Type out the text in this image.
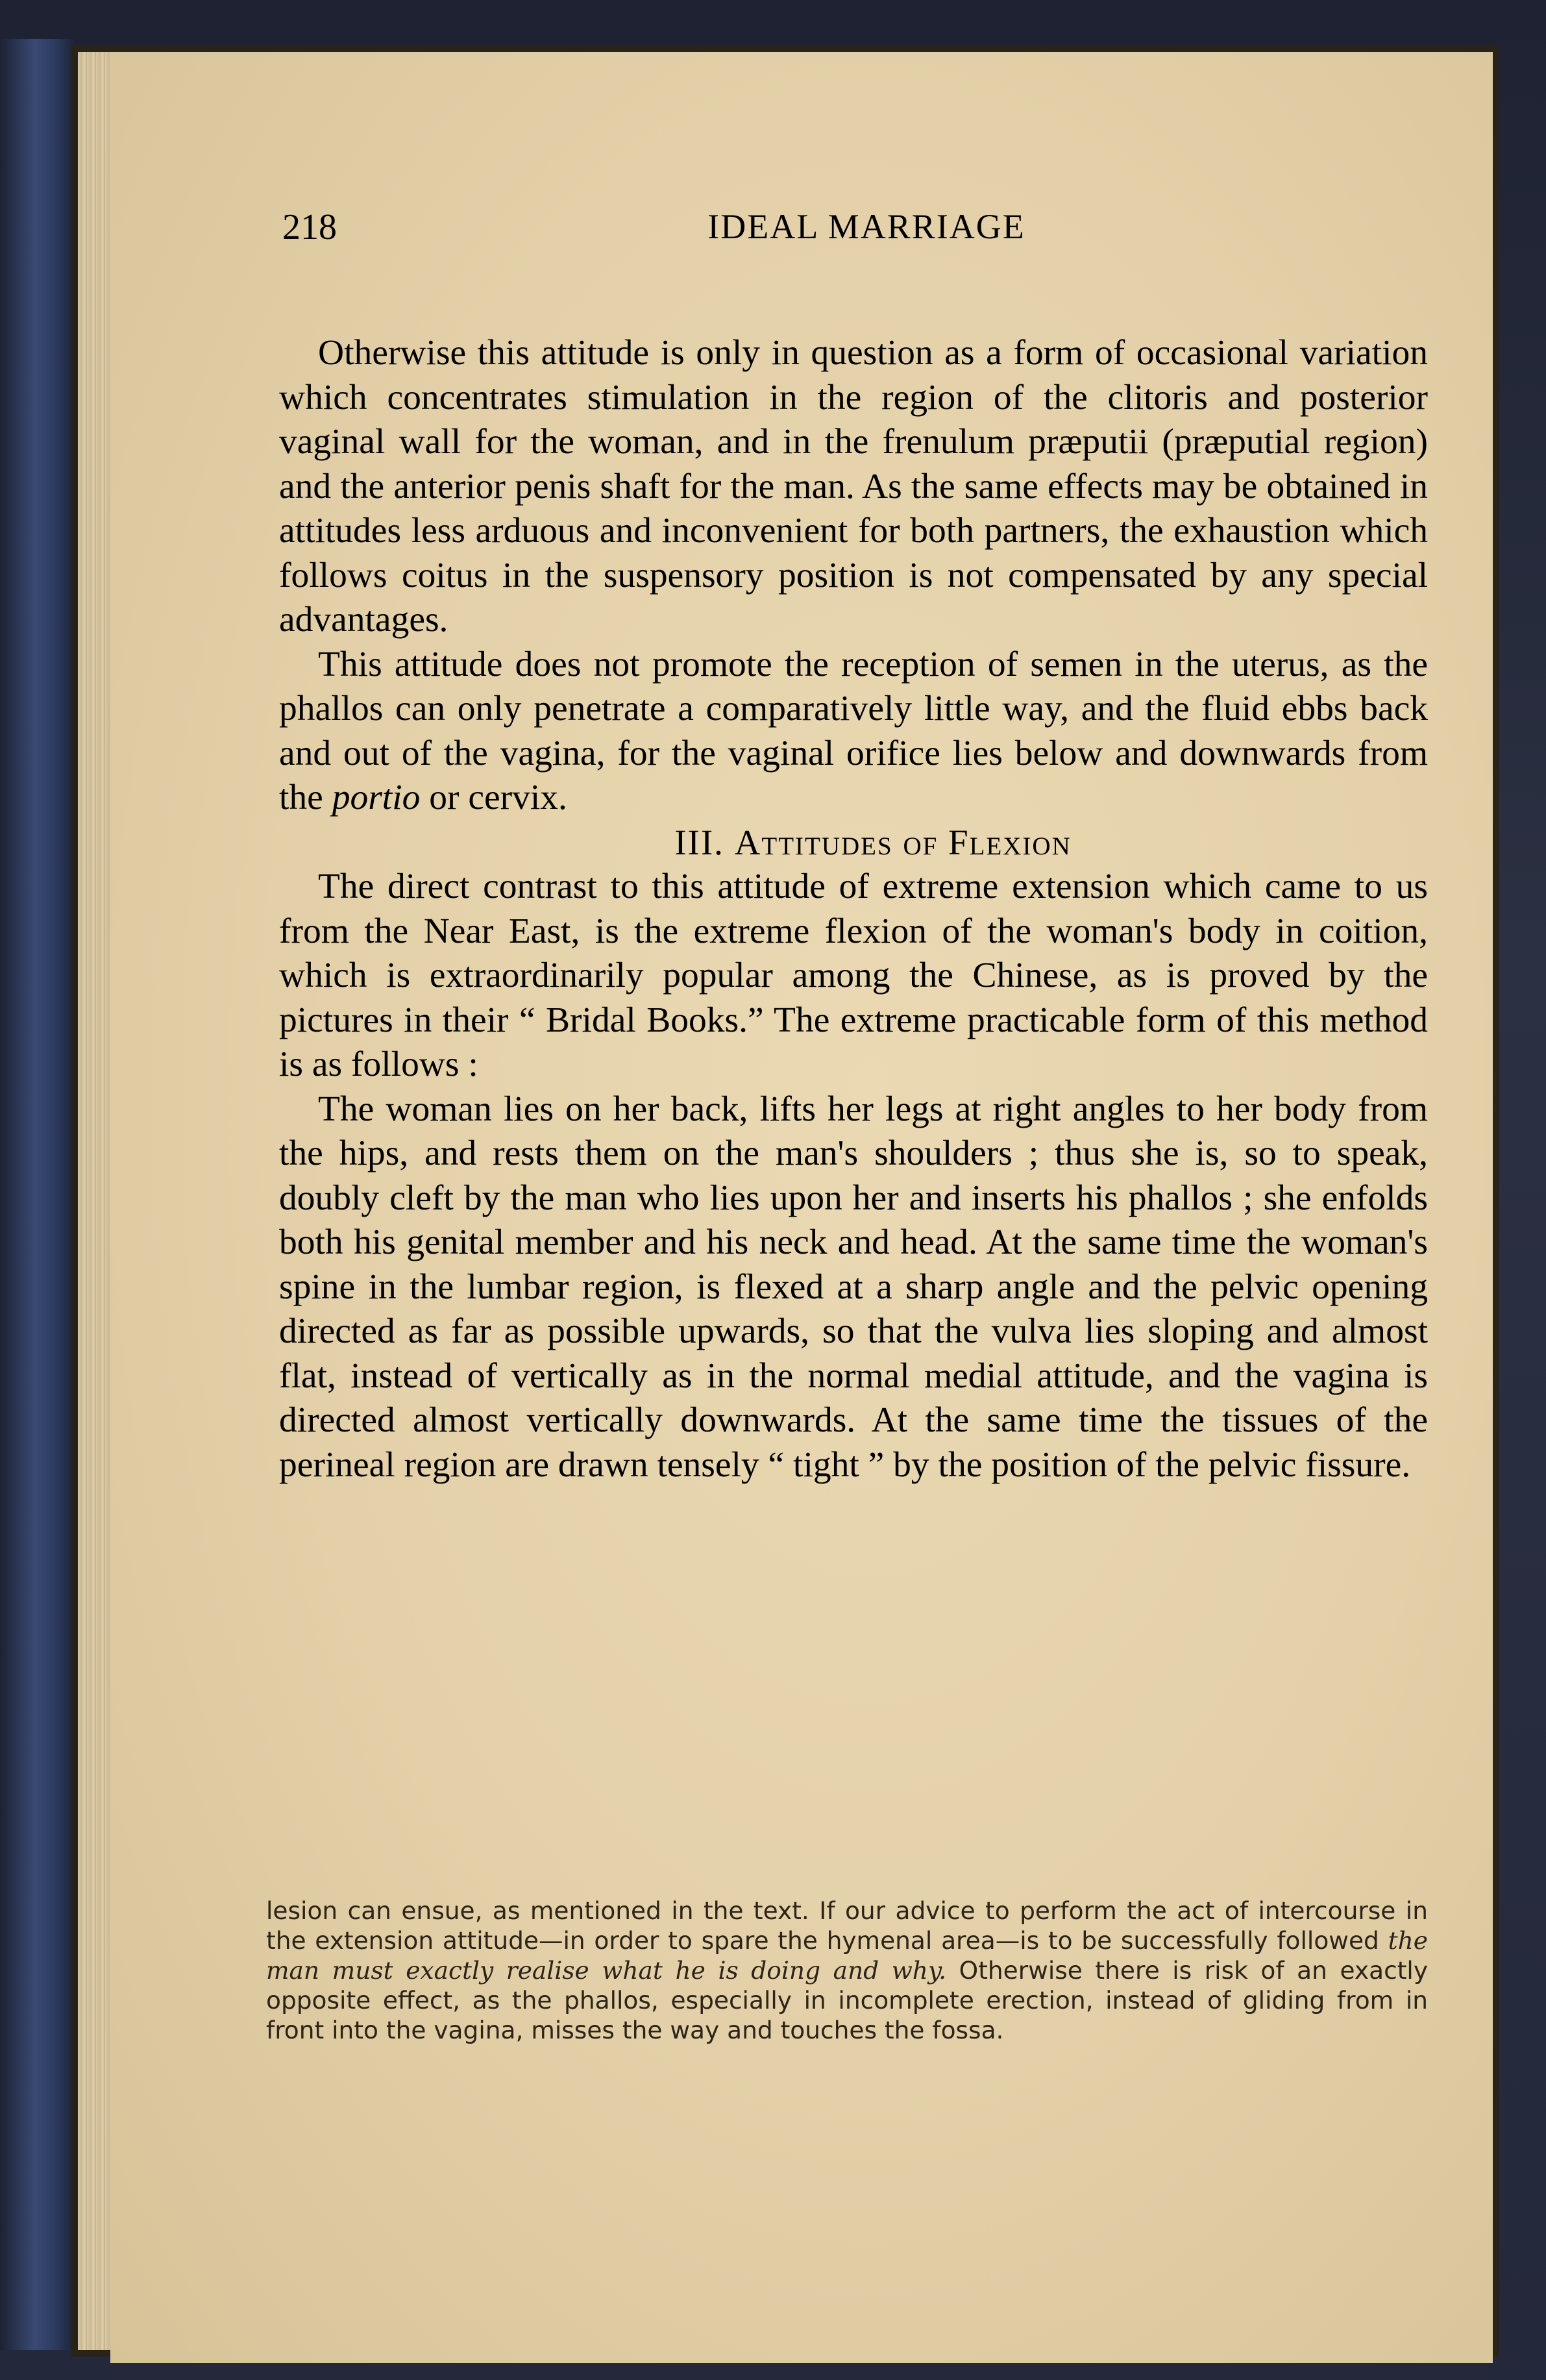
218	IDEAL MARRIAGE

Otherwise this attitude is only in question as a form of occasional variation which concentrates stimulation in the region of the clitoris and posterior vaginal wall for the woman, and in the frenulum præputii (præputial region) and the anterior penis shaft for the man. As the same effects may be obtained in attitudes less arduous and inconvenient for both partners, the exhaustion which follows coitus in the suspensory position is not compensated by any special advantages.

This attitude does not promote the reception of semen in the uterus, as the phallos can only penetrate a comparatively little way, and the fluid ebbs back and out of the vagina, for the vaginal orifice lies below and downwards from the portio or cervix.

III. Attitudes of Flexion

The direct contrast to this attitude of extreme extension which came to us from the Near East, is the extreme flexion of the woman's body in coition, which is extraordinarily popular among the Chinese, as is proved by the pictures in their “ Bridal Books.” The extreme practicable form of this method is as follows :

The woman lies on her back, lifts her legs at right angles to her body from the hips, and rests them on the man's shoulders ; thus she is, so to speak, doubly cleft by the man who lies upon her and inserts his phallos ; she enfolds both his genital member and his neck and head. At the same time the woman's spine in the lumbar region, is flexed at a sharp angle and the pelvic opening directed as far as possible upwards, so that the vulva lies sloping and almost flat, instead of vertically as in the normal medial attitude, and the vagina is directed almost vertically downwards. At the same time the tissues of the perineal region are drawn tensely “ tight ” by the position of the pelvic fissure.

lesion can ensue, as mentioned in the text. If our advice to perform the act of intercourse in the extension attitude—in order to spare the hymenal area—is to be successfully followed the man must exactly realise what he is doing and why. Otherwise there is risk of an exactly opposite effect, as the phallos, especially in incomplete erection, instead of gliding from in front into the vagina, misses the way and touches the fossa.
